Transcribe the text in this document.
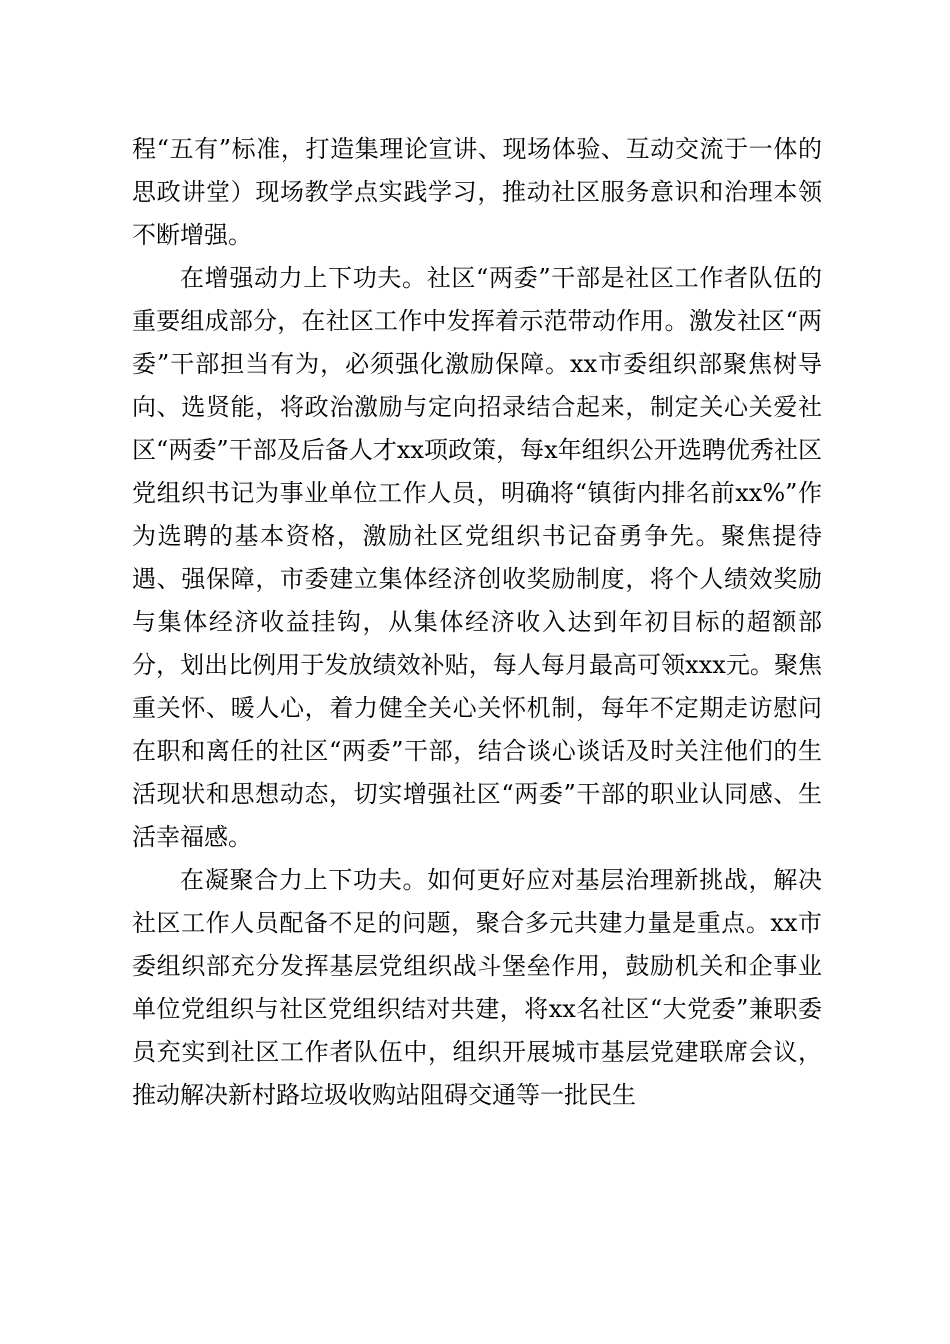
程“五有”标准，打造集理论宣讲、现场体验、互动交流于一体的思政讲堂）现场教学点实践学习，推动社区服务意识和治理本领不断增强。

在增强动力上下功夫。社区“两委”干部是社区工作者队伍的重要组成部分，在社区工作中发挥着示范带动作用。激发社区“两委”干部担当有为，必须强化激励保障。xx市委组织部聚焦树导向、选贤能，将政治激励与定向招录结合起来，制定关心关爱社区“两委”干部及后备人才xx项政策，每x年组织公开选聘优秀社区党组织书记为事业单位工作人员，明确将“镇街内排名前xx%”作为选聘的基本资格，激励社区党组织书记奋勇争先。聚焦提待遇、强保障，市委建立集体经济创收奖励制度，将个人绩效奖励与集体经济收益挂钩，从集体经济收入达到年初目标的超额部分，划出比例用于发放绩效补贴，每人每月最高可领xxx元。聚焦重关怀、暖人心，着力健全关心关怀机制，每年不定期走访慰问在职和离任的社区“两委”干部，结合谈心谈话及时关注他们的生活现状和思想动态，切实增强社区“两委”干部的职业认同感、生活幸福感。

在凝聚合力上下功夫。如何更好应对基层治理新挑战，解决社区工作人员配备不足的问题，聚合多元共建力量是重点。xx市委组织部充分发挥基层党组织战斗堡垒作用，鼓励机关和企事业单位党组织与社区党组织结对共建，将xx名社区“大党委”兼职委员充实到社区工作者队伍中，组织开展城市基层党建联席会议，推动解决新村路垃圾收购站阻碍交通等一批民生
